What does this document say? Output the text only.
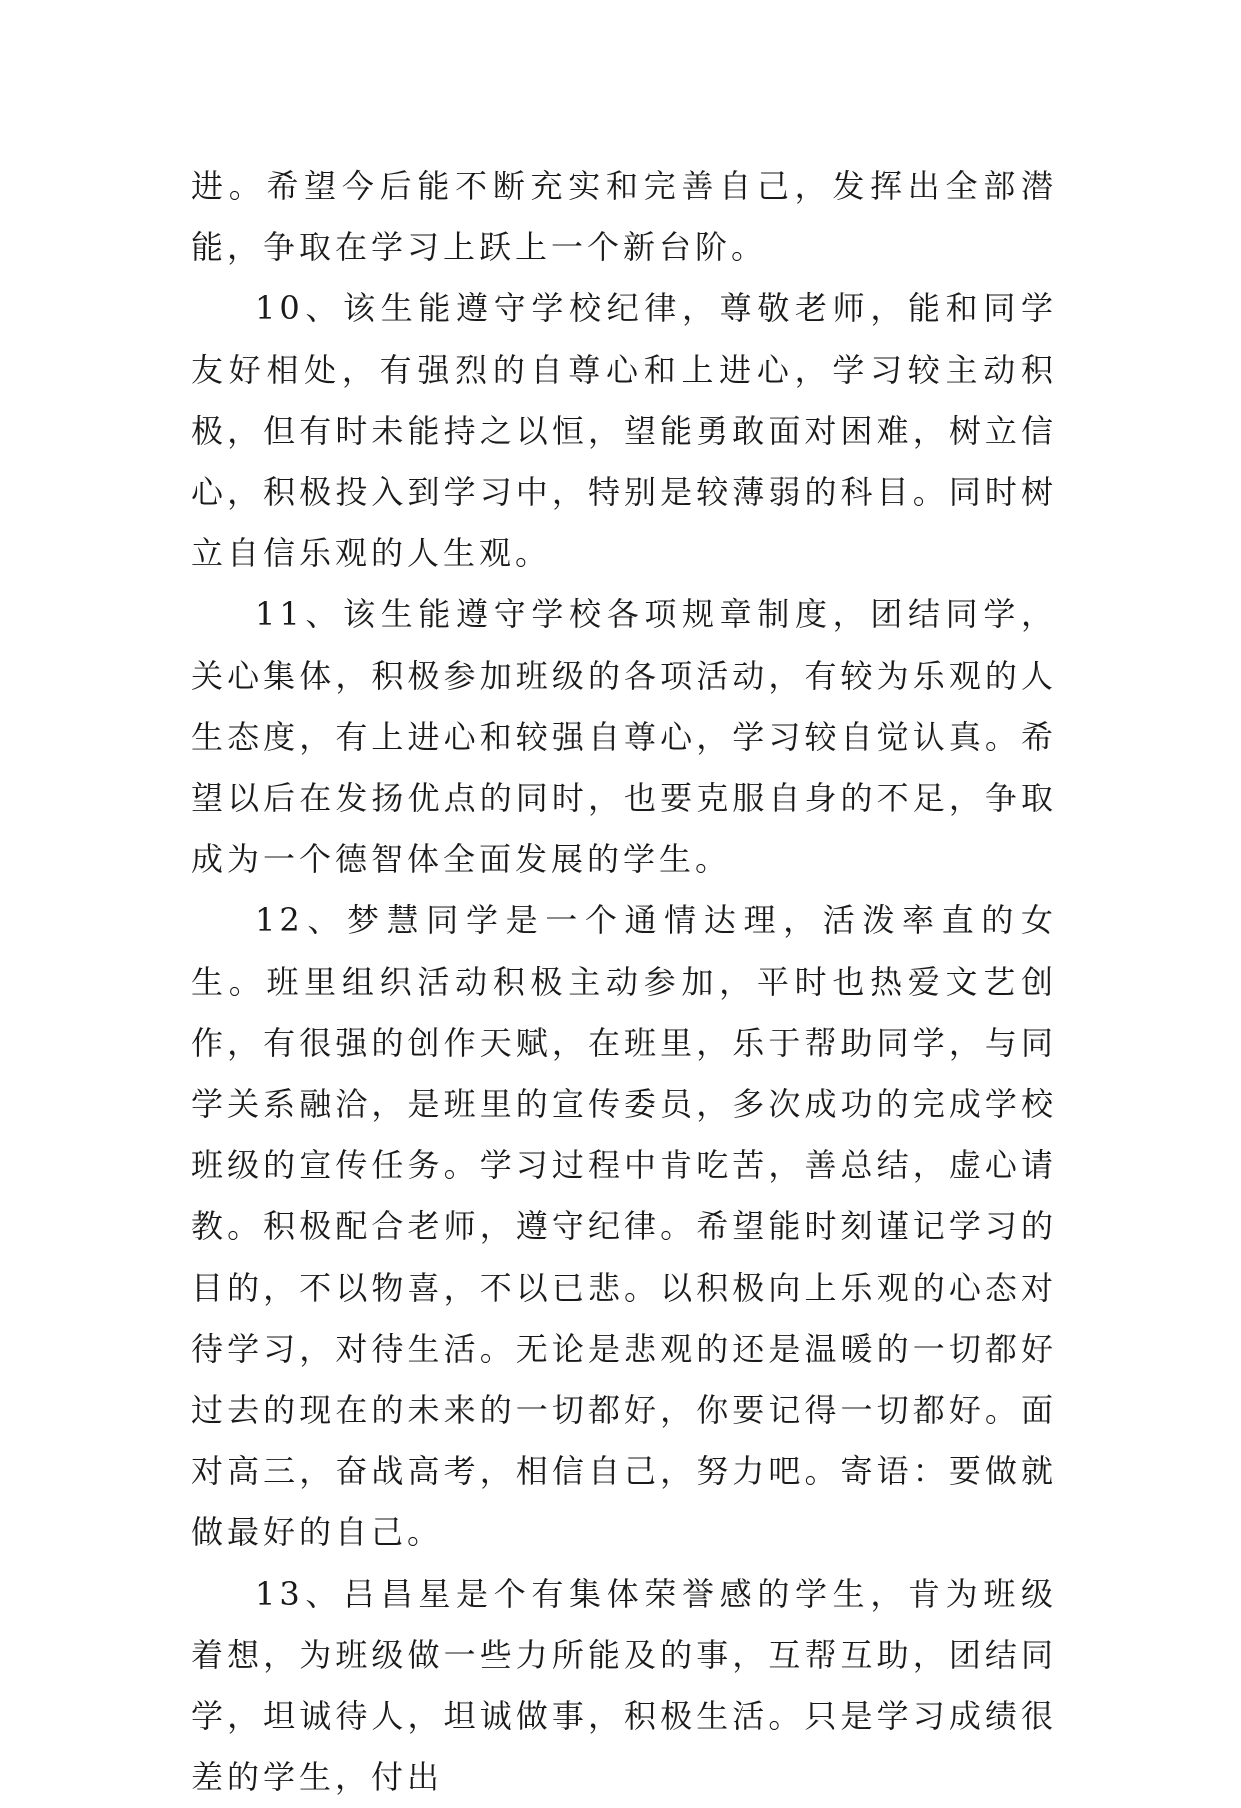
进。希望今后能不断充实和完善自己，发挥出全部潜能，争取在学习上跃上一个新台阶。

10、该生能遵守学校纪律，尊敬老师，能和同学友好相处，有强烈的自尊心和上进心，学习较主动积极，但有时未能持之以恒，望能勇敢面对困难，树立信心，积极投入到学习中，特别是较薄弱的科目。同时树立自信乐观的人生观。

11、该生能遵守学校各项规章制度，团结同学，关心集体，积极参加班级的各项活动，有较为乐观的人生态度，有上进心和较强自尊心，学习较自觉认真。希望以后在发扬优点的同时，也要克服自身的不足，争取成为一个德智体全面发展的学生。

12、梦慧同学是一个通情达理，活泼率直的女生。班里组织活动积极主动参加，平时也热爱文艺创作，有很强的创作天赋，在班里，乐于帮助同学，与同学关系融洽，是班里的宣传委员，多次成功的完成学校班级的宣传任务。学习过程中肯吃苦，善总结，虚心请教。积极配合老师，遵守纪律。希望能时刻谨记学习的目的，不以物喜，不以已悲。以积极向上乐观的心态对待学习，对待生活。无论是悲观的还是温暖的一切都好过去的现在的未来的一切都好，你要记得一切都好。面对高三，奋战高考，相信自己，努力吧。寄语：要做就做最好的自己。

13、吕昌星是个有集体荣誉感的学生，肯为班级着想，为班级做一些力所能及的事，互帮互助，团结同学，坦诚待人，坦诚做事，积极生活。只是学习成绩很差的学生，付出
